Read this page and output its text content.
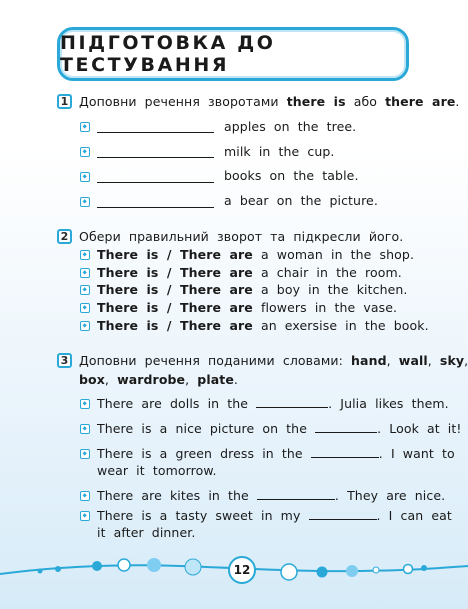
ПІДГОТОВКА ДО ТЕСТУВАННЯ
1 Доповни речення зворотами there is або there are.
apples on the tree.
milk in the cup.
books on the table.
a bear on the picture.
2 Обери правильний зворот та підкресли його.
There is / There are a woman in the shop.
There is / There are a chair in the room.
There is / There are a boy in the kitchen.
There is / There are flowers in the vase.
There is / There are an exersise in the book.
3 Доповни речення поданими словами: hand, wall, sky,
box, wardrobe, plate.
There are dolls in the	. Julia likes them.
There is a nice picture on the	. Look at it!
There is a green dress in the	. I want to
wear it tomorrow.
There are kites in the	. They are nice.
There is a tasty sweet in my	. I can eat
it after dinner.
12
